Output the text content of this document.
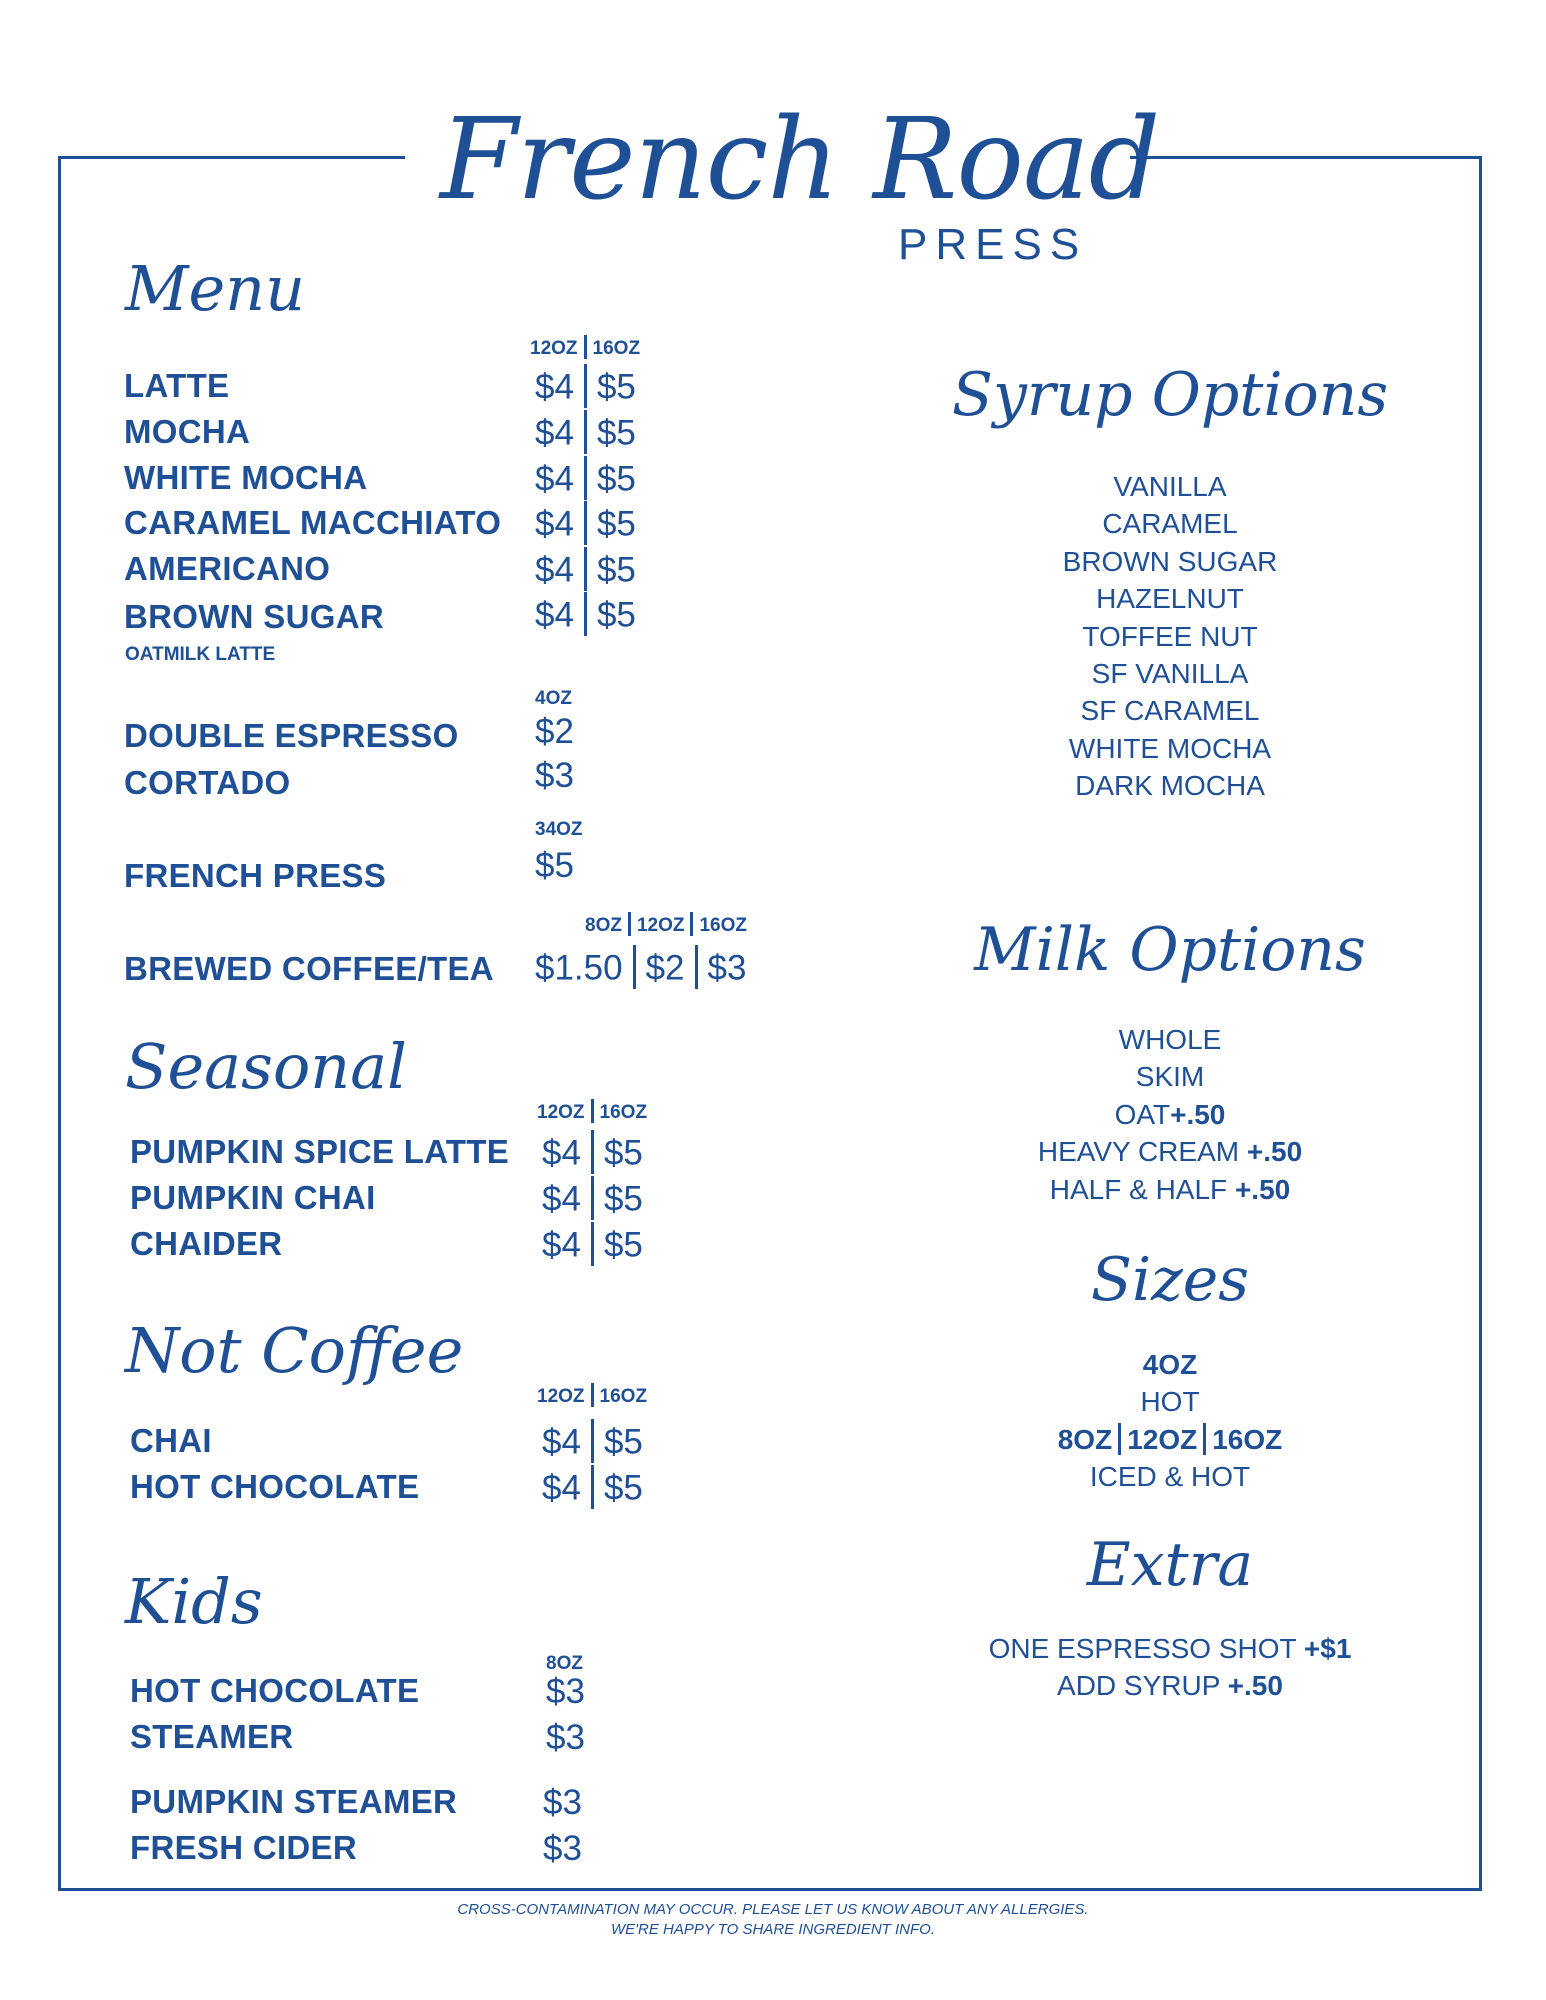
French Road
PRESS
Menu
12OZ 16OZ
LATTE	$4 $5
MOCHA	$4 $5
WHITE MOCHA	$4 $5
CARAMEL MACCHIATO $4 $5
AMERICANO	$4 $5
BROWN SUGAR	$4 $5
OATMILK LATTE
4OZ
DOUBLE ESPRESSO $2
CORTADO	$3
34OZ
FRENCH PRESS	$5
8OZ 12OZ 16OZ
BREWED COFFEE/TEA $1.50 $2 $3
Seasonal
12OZ 16OZ
PUMPKIN SPICE LATTE $4 $5
PUMPKIN CHAI	$4 $5
CHAIDER	$4 $5
Not Coffee
12OZ 16OZ
CHAI	$4 $5
HOT CHOCOLATE	$4 $5
Kids
8OZ
HOT CHOCOLATE	$3
STEAMER	$3
PUMPKIN STEAMER $3
FRESH CIDER	$3
Syrup Options
VANILLA
CARAMEL
BROWN SUGAR
HAZELNUT
TOFFEE NUT
SF VANILLA
SF CARAMEL
WHITE MOCHA
DARK MOCHA
Milk Options
WHOLE
SKIM
OAT+.50
HEAVY CREAM +.50
HALF & HALF +.50
Sizes
4OZ
HOT
8OZ 12OZ 16OZ
ICED & HOT
Extra
ONE ESPRESSO SHOT +$1
ADD SYRUP +.50
CROSS-CONTAMINATION MAY OCCUR. PLEASE LET US KNOW ABOUT ANY ALLERGIES.
WE'RE HAPPY TO SHARE INGREDIENT INFO.
